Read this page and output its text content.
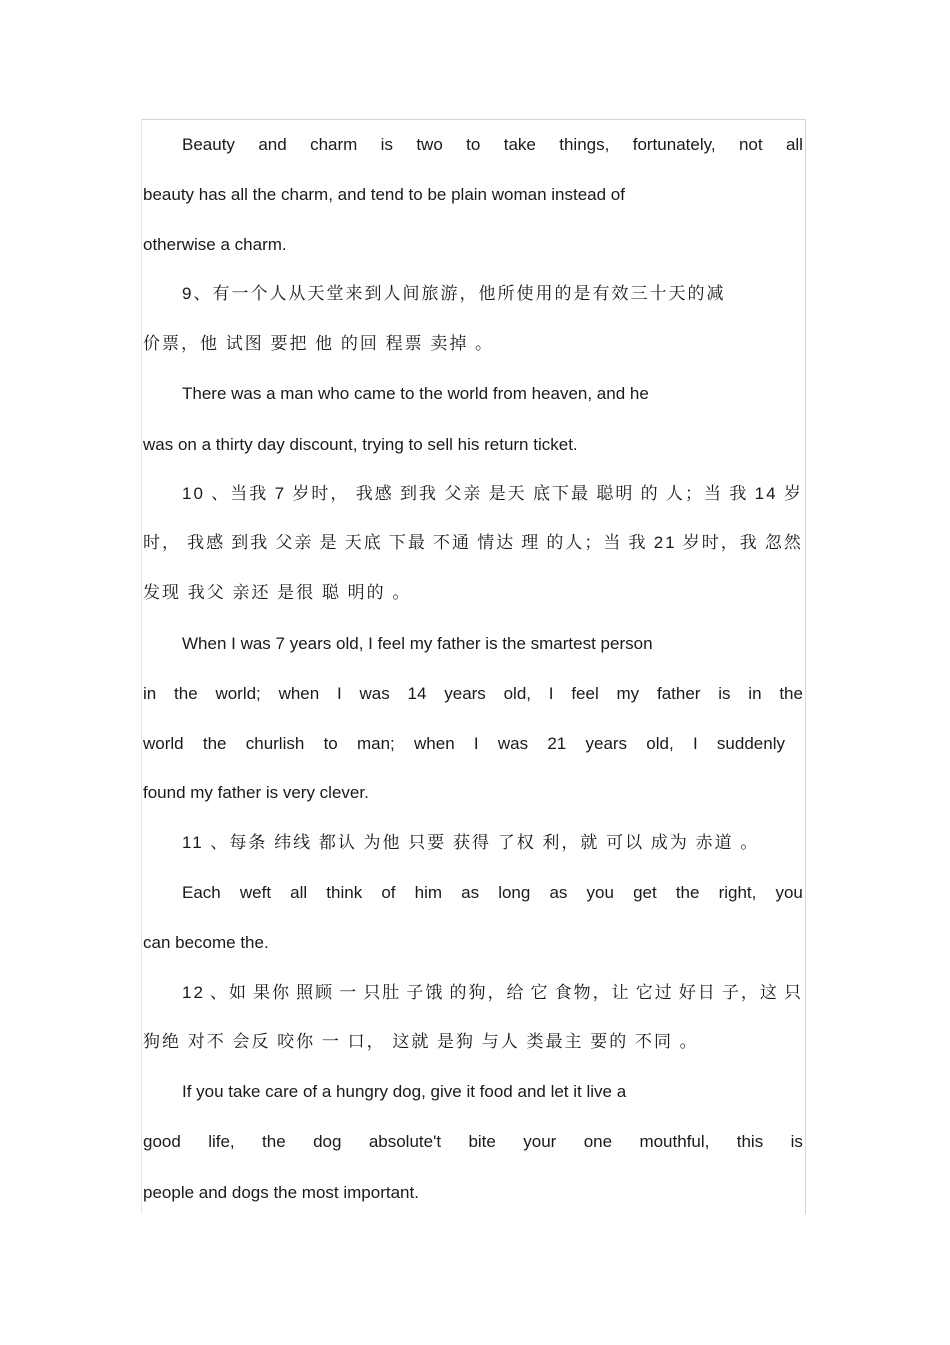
Beauty and charm is two to take things, fortunately, not all
beauty has all the charm, and tend to be plain woman instead of
otherwise a charm.
9、有一个人从天堂来到人间旅游，他所使用的是有效三十天的减
价票，他 试图 要把 他 的回 程票 卖掉 。
There was a man who came to the world from heaven, and he
was on a thirty day discount, trying to sell his return ticket.
10 、当我 7 岁时， 我感 到我 父亲 是天 底下最 聪明 的 人；当 我 14 岁
时， 我感 到我 父亲 是 天底 下最 不通 情达 理 的人；当 我 21 岁时，我 忽然
发现 我父 亲还 是很 聪 明的 。
When I was 7 years old, I feel my father is the smartest person
in the world; when I was 14 years old, I feel my father is in the
world the churlish to man; when I was 21 years old, I suddenly
found my father is very clever.
11 、每条 纬线 都认 为他 只要 获得 了权 利，就 可以 成为 赤道 。
Each weft all think of him as long as you get the right, you
can become the.
12 、如 果你 照顾 一 只肚 子饿 的狗，给 它 食物，让 它过 好日 子，这 只
狗绝 对不 会反 咬你 一 口， 这就 是狗 与人 类最主 要的 不同 。
If you take care of a hungry dog, give it food and let it live a
good life, the dog absolute't bite your one mouthful, this is
people and dogs the most important.
